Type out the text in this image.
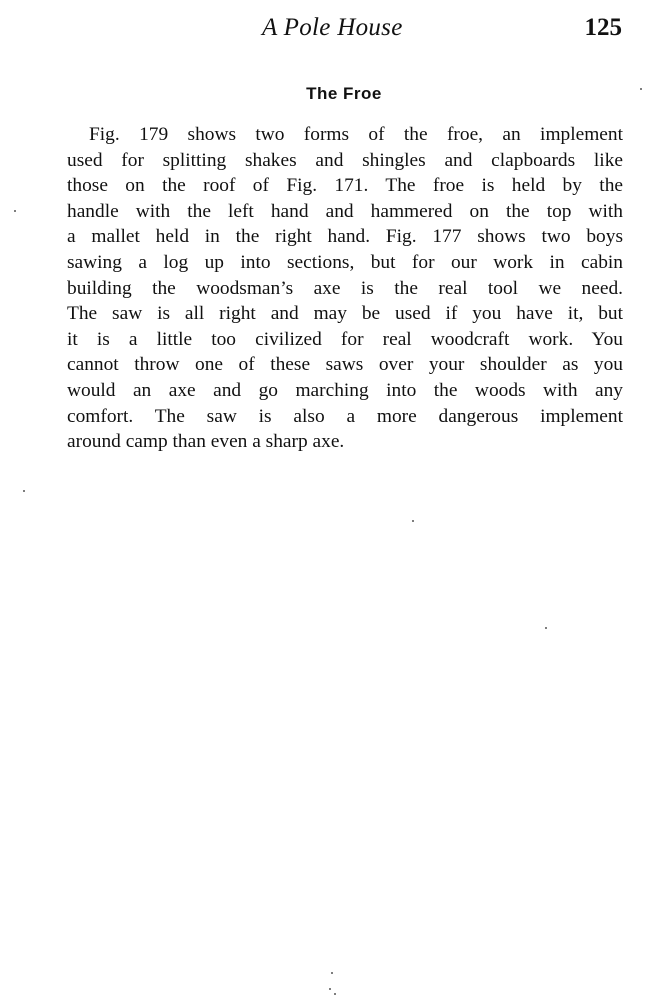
A Pole House	125
The Froe
Fig. 179 shows two forms of the froe, an implement
used for splitting shakes and shingles and clapboards like
those on the roof of Fig. 171. The froe is held by the
handle with the left hand and hammered on the top with
a mallet held in the right hand. Fig. 177 shows two boys
sawing a log up into sections, but for our work in cabin
building the woodsman’s axe is the real tool we need.
The saw is all right and may be used if you have it, but
it is a little too civilized for real woodcraft work. You
cannot throw one of these saws over your shoulder as you
would an axe and go marching into the woods with any
comfort. The saw is also a more dangerous implement
around camp than even a sharp axe.
